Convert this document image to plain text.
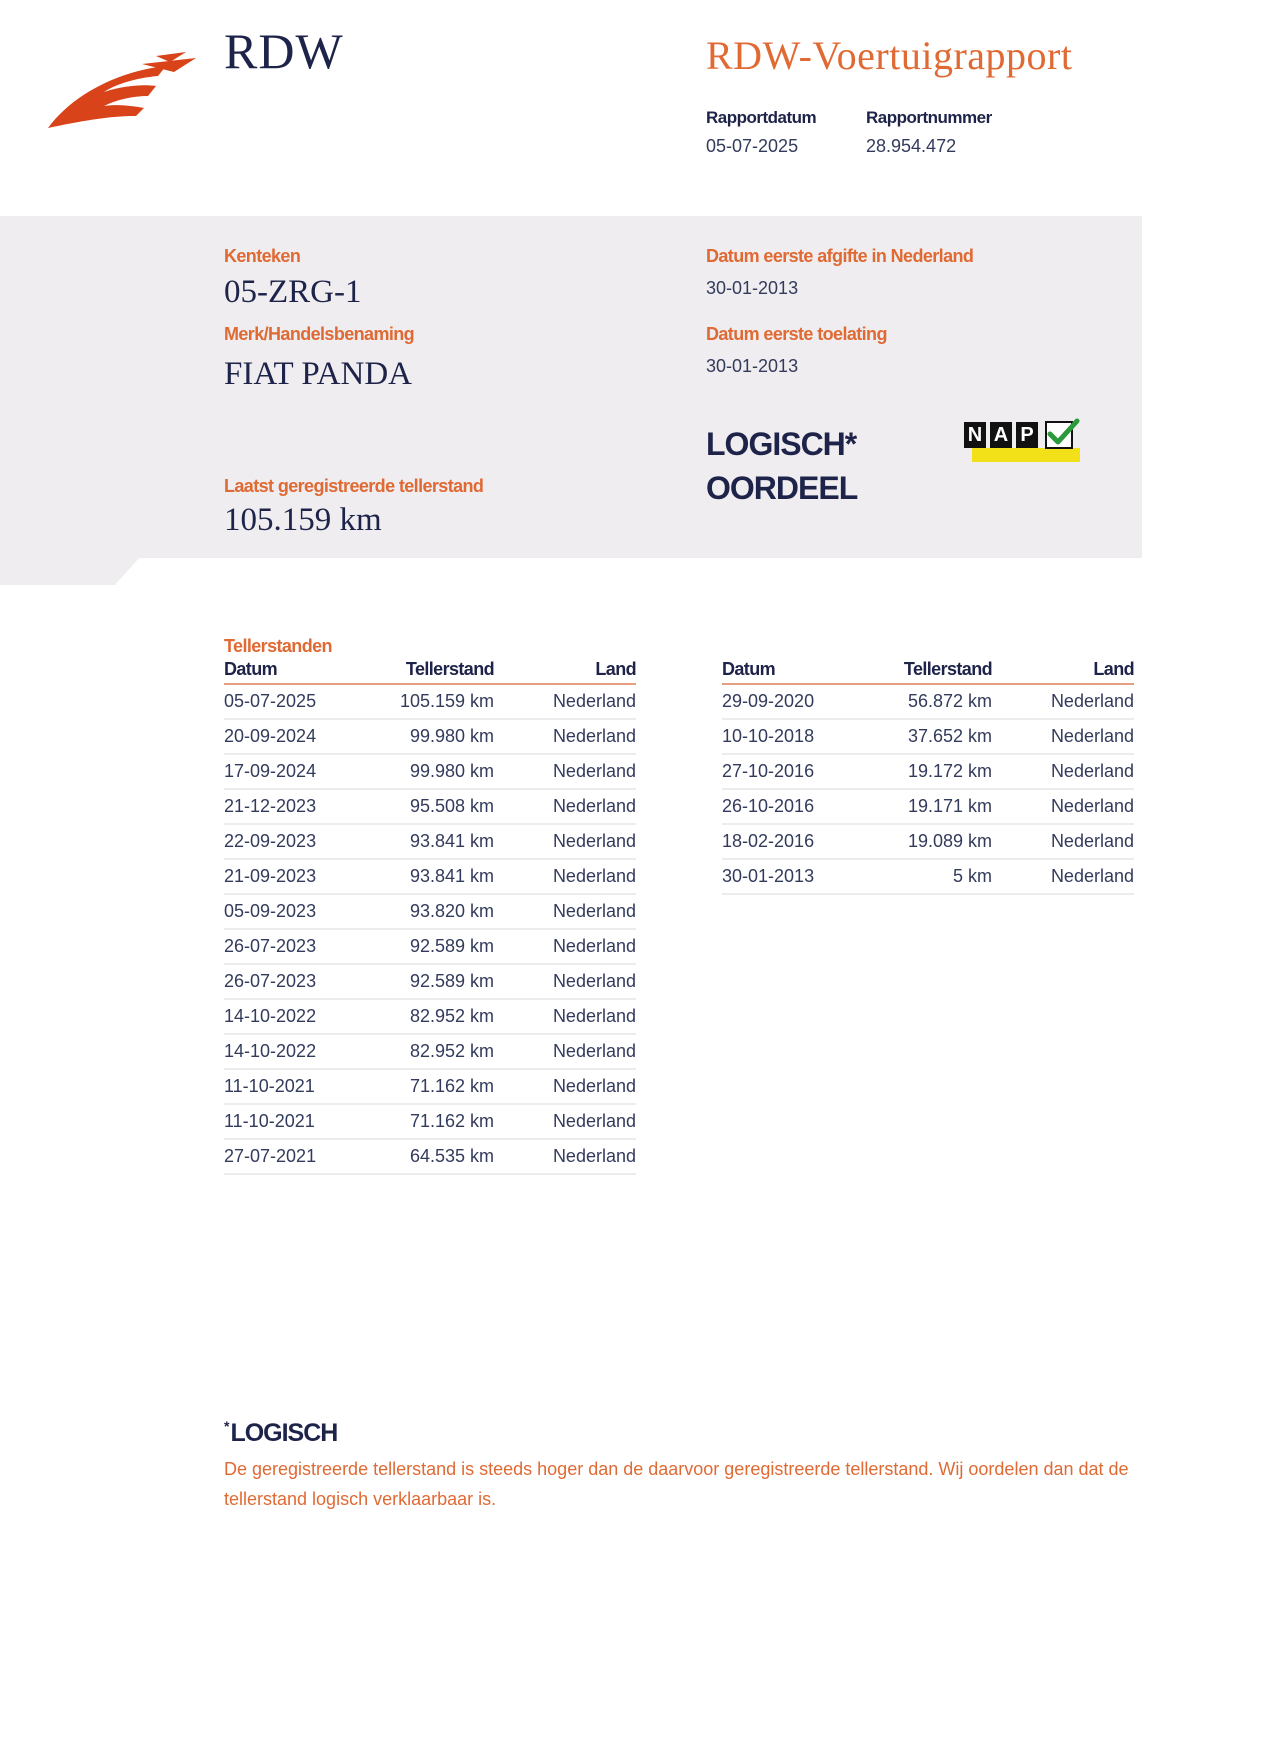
RDW	RDW-Voertuigrapport
Rapportdatum
05-07-2025
Rapportnummer
28.954.472
Kenteken
05-ZRG-1
Merk/Handelsbenaming
FIAT PANDA
Laatst geregistreerde tellerstand
105.159 km
Datum eerste afgifte in Nederland
30-01-2013
Datum eerste toelating
30-01-2013
LOGISCH*
OORDEEL
N A P
Tellerstanden
Datum	Tellerstand	Land
05-07-2025	105.159 km	Nederland
20-09-2024	99.980 km	Nederland
17-09-2024	99.980 km	Nederland
21-12-2023	95.508 km	Nederland
22-09-2023	93.841 km	Nederland
21-09-2023	93.841 km	Nederland
05-09-2023	93.820 km	Nederland
26-07-2023	92.589 km	Nederland
26-07-2023	92.589 km	Nederland
14-10-2022	82.952 km	Nederland
14-10-2022	82.952 km	Nederland
11-10-2021	71.162 km	Nederland
11-10-2021	71.162 km	Nederland
27-07-2021	64.535 km	Nederland
Datum	Tellerstand	Land
29-09-2020	56.872 km	Nederland
10-10-2018	37.652 km	Nederland
27-10-2016	19.172 km	Nederland
26-10-2016	19.171 km	Nederland
18-02-2016	19.089 km	Nederland
30-01-2013	5 km	Nederland
*LOGISCH
De geregistreerde tellerstand is steeds hoger dan de daarvoor geregistreerde tellerstand. Wij oordelen dan dat de tellerstand logisch verklaarbaar is.
